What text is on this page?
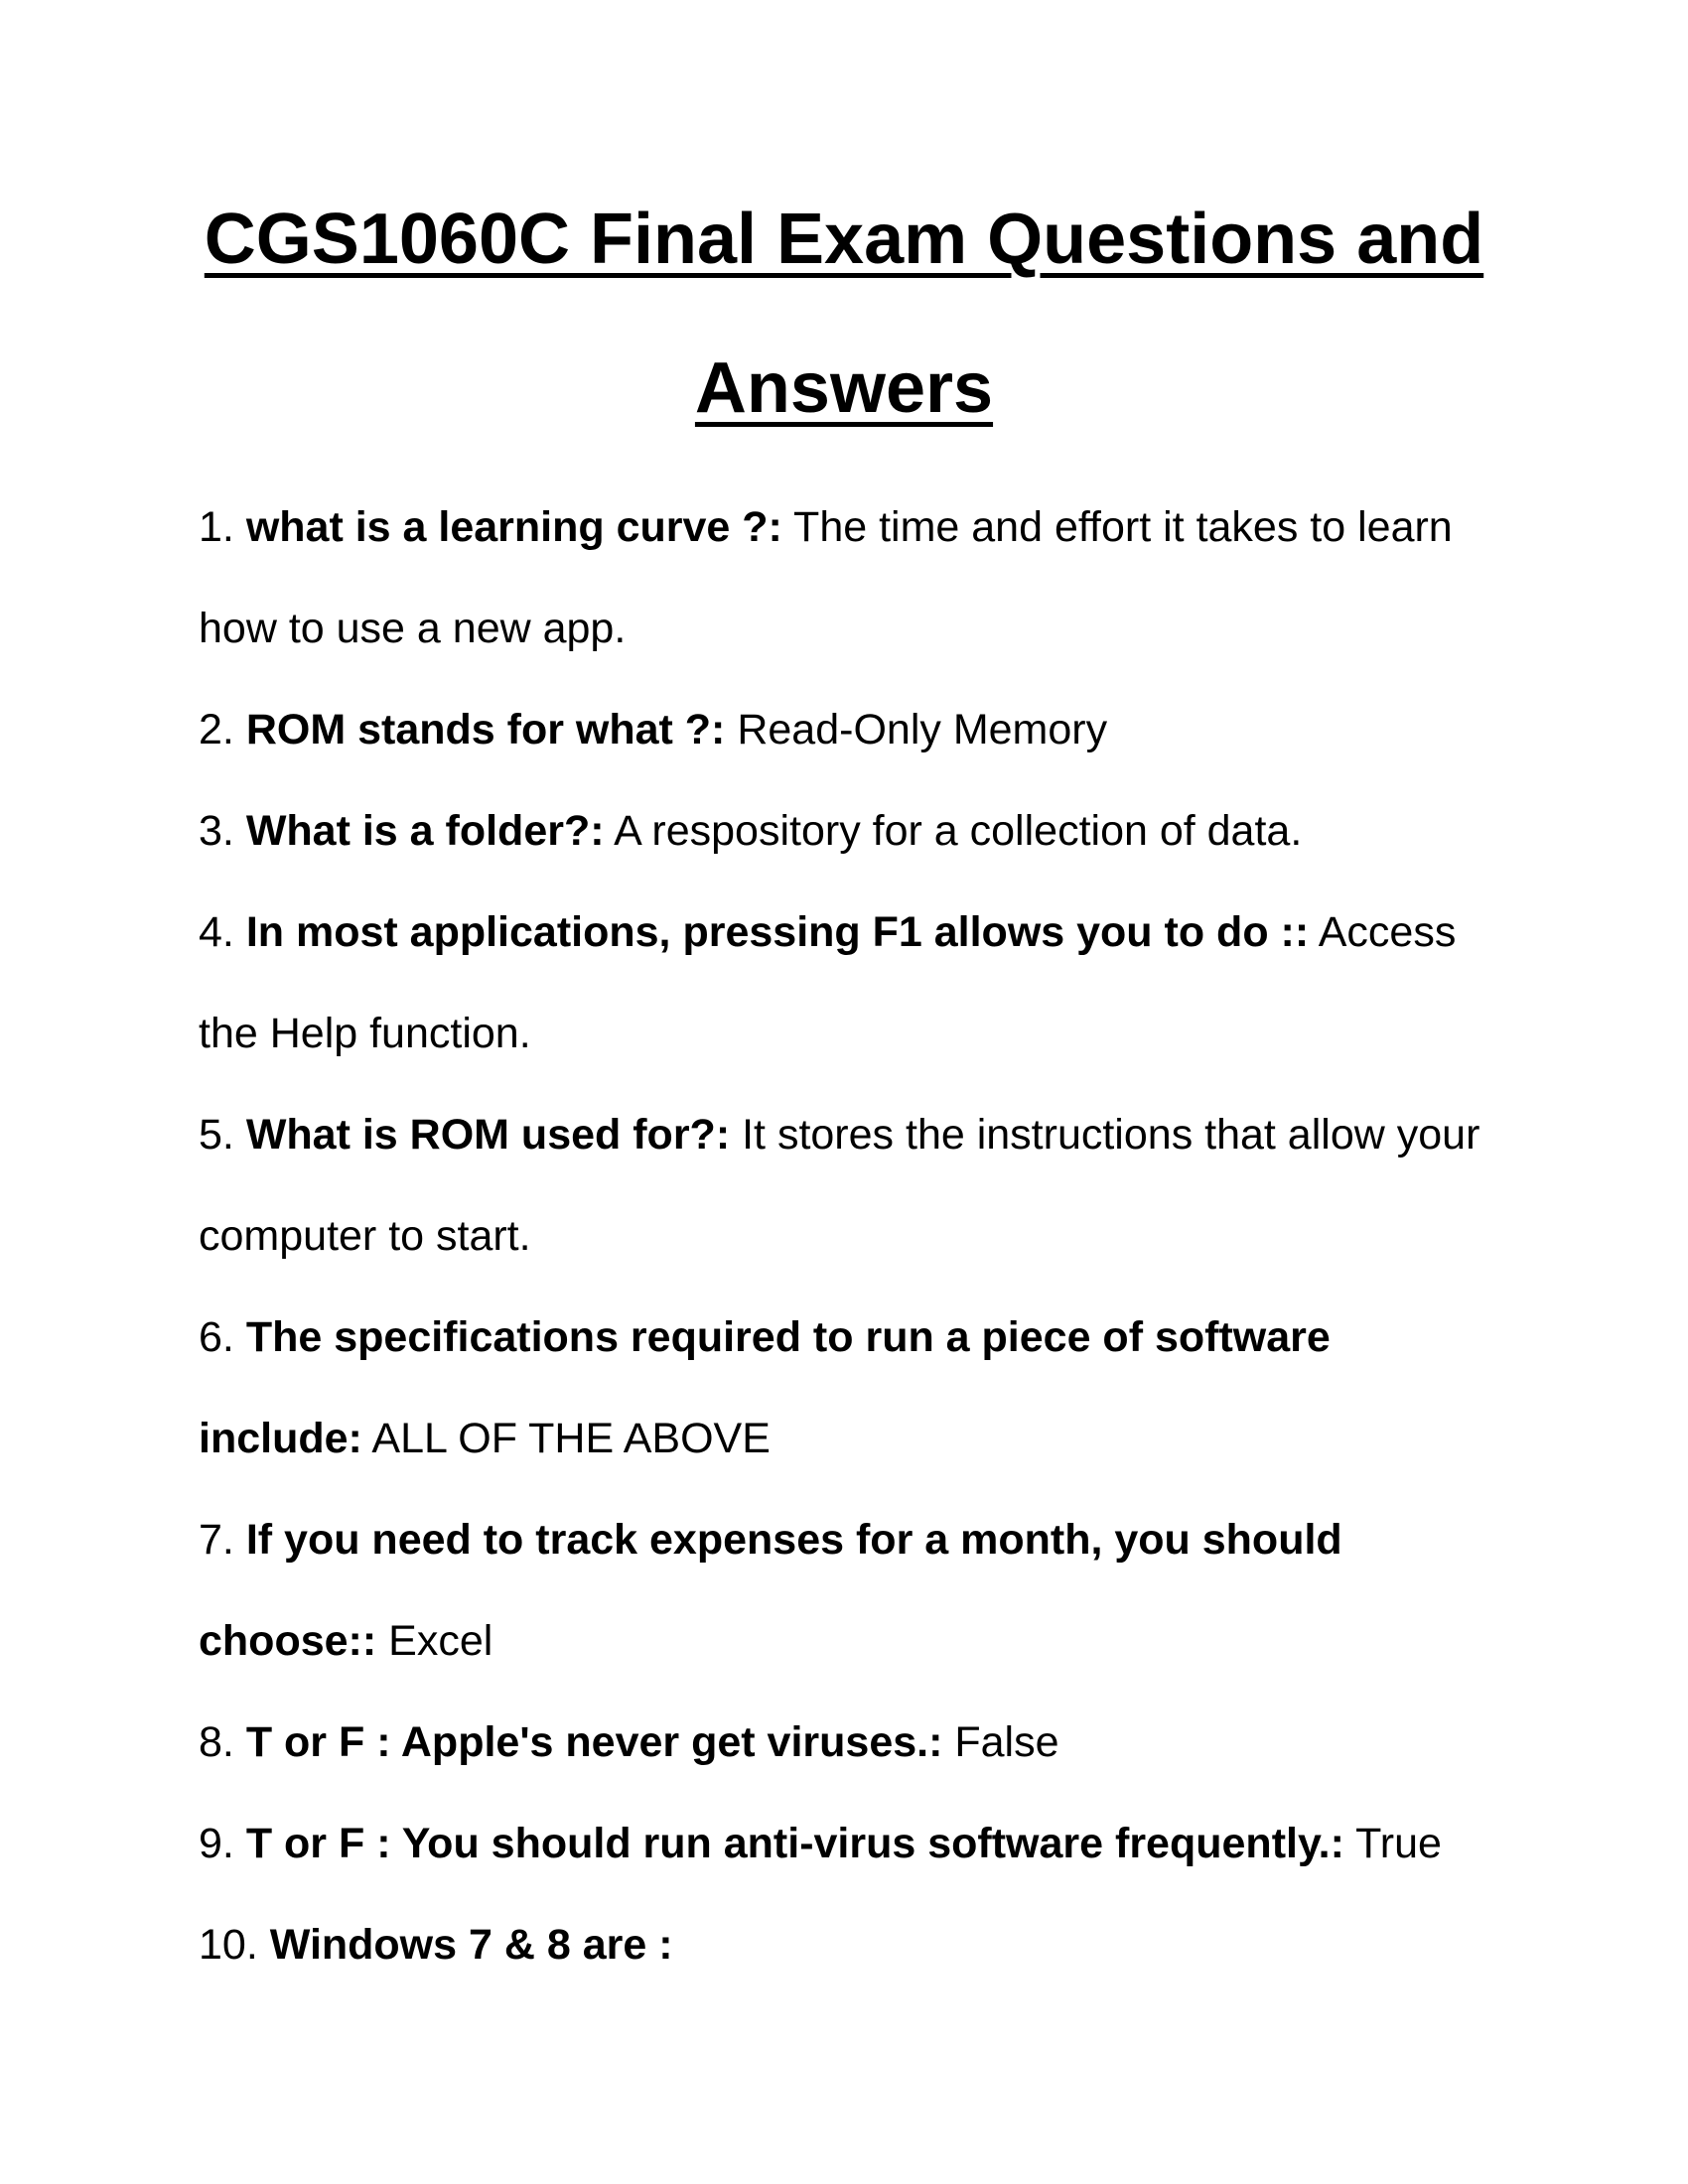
CGS1060C Final Exam Questions and
Answers
1. what is a learning curve ?: The time and effort it takes to learn how to use a new app.
2. ROM stands for what ?: Read-Only Memory
3. What is a folder?: A respository for a collection of data.
4. In most applications, pressing F1 allows you to do :: Access the Help function.
5. What is ROM used for?: It stores the instructions that allow your computer to start.
6. The specifications required to run a piece of software include: ALL OF THE ABOVE
7. If you need to track expenses for a month, you should choose:: Excel
8. T or F : Apple's never get viruses.: False
9. T or F : You should run anti-virus software frequently.: True
10. Windows 7 & 8 are :
